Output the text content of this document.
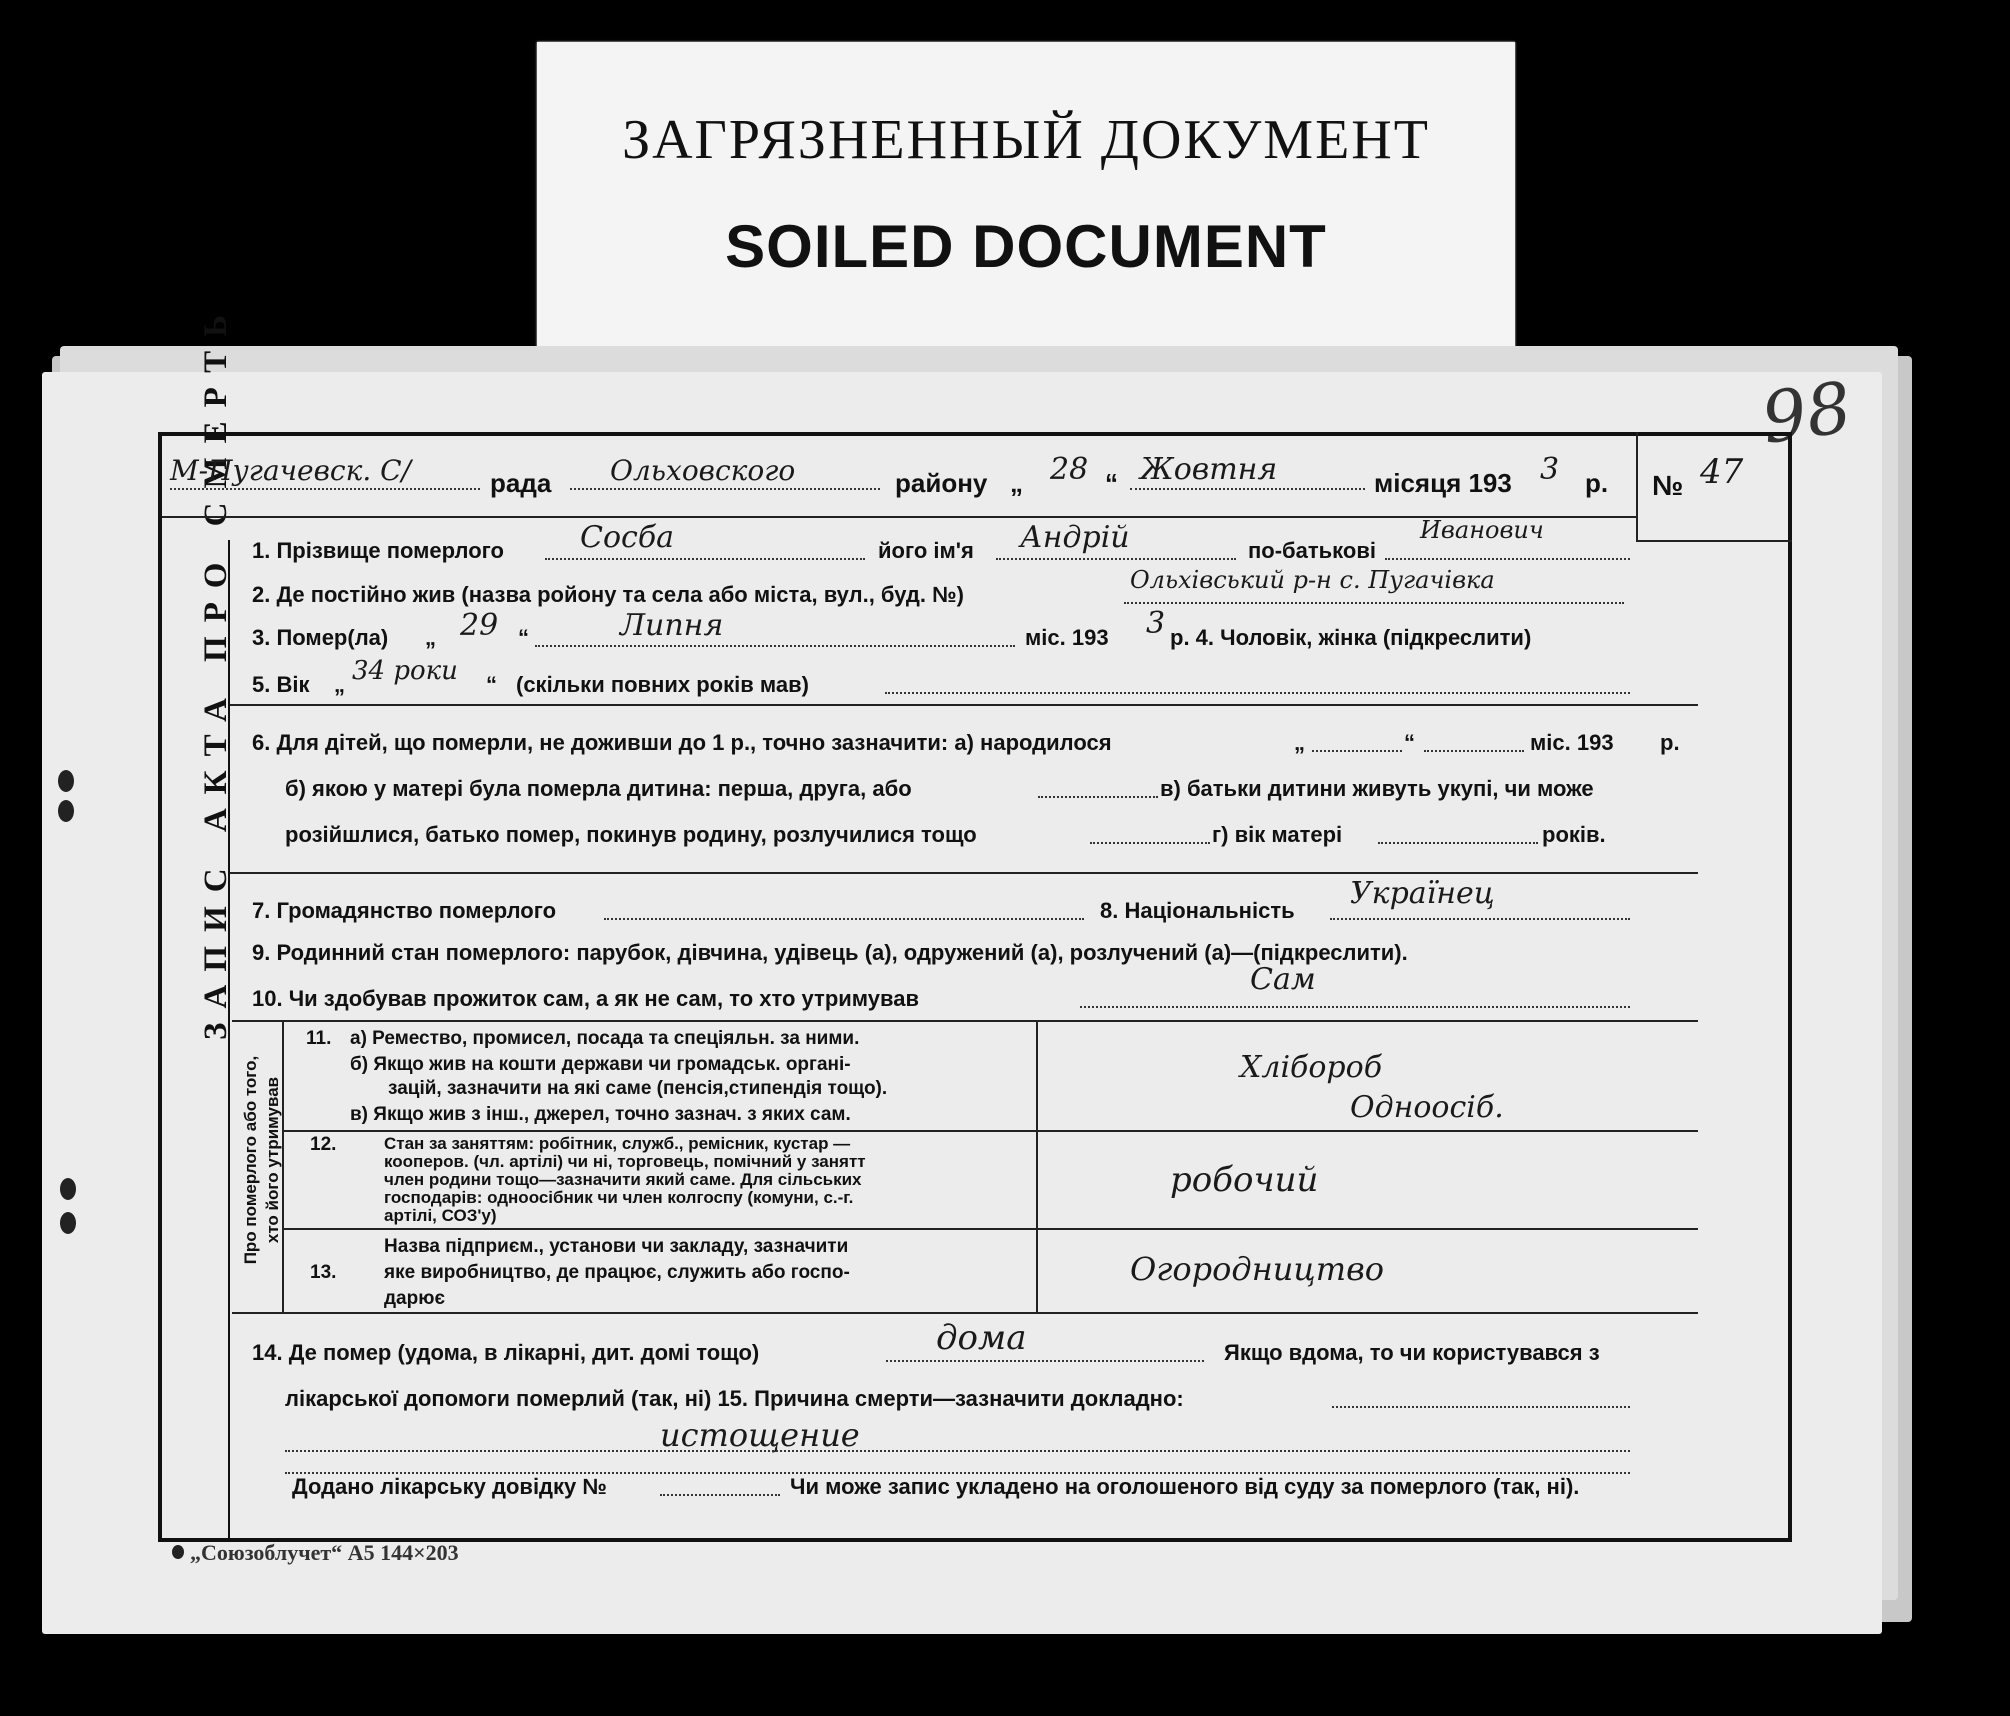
ЗАГРЯЗНЕННЫЙ ДОКУМЕНТ
SOILED DOCUMENT
98
ЗАПИС АКТА ПРО СМЕРТЬ
М-Пугачевск. С/	рада Ольховского	району „ 28 “ Жовтня	місяця 193 3 р. № 47
1. Прізвище померлого	Сосба	його ім'я Андрій	по-батькові
Иванович
2. Де постійно жив (назва ройону та села або міста, вул., буд. №)
Ольхівський р-н с. Пугачівка
3. Помер(ла) „ 29 “	Липня	міс. 193 3 р. 4. Чоловік, жінка (підкреслити)
5. Вік „ 34 роки “ (скільки повних років мав)
6. Для дітей, що померли, не доживши до 1 р., точно зазначити: а) народилося	„	“	міс. 193 р.
б) якою у матері була померла дитина: перша, друга, або	в) батьки дитини живуть укупі, чи може
розійшлися, батько помер, покинув родину, розлучилися тощо	г) вік матері	років.
7. Громадянство померлого	8. Національність Українец
9. Родинний стан померлого: парубок, дівчина, удівець (а), одружений (а), розлучений (а)—(підкреслити).
10. Чи здобував прожиток сам, а як не сам, то хто утримував
Сам
Про померлого або того, хто його утримував
11. а) Ремество, промисел, посада та спеціяльн. за ними.
б) Якщо жив на кошти держави чи громадськ. органі-
зацій, зазначити на які саме (пенсія,стипендія тощо).
в) Якщо жив з інш., джерел, точно зазнач. з яких сам.
Хлібороб
Одноосіб.
12.	Стан за заняттям: робітник, служб., ремісник, кустар —
кооперов. (чл. артілі) чи ні, торговець, помічний у занятт
член родини тощо—зазначити який саме. Для сільських
господарів: одноосібник чи член колгоспу (комуни, с.-г.
артілі, СОЗ'у)
робочий
13.
Назва підприєм., установи чи закладу, зазначити
яке виробництво, де працює, служить або госпо-
дарює
Огородництво
14. Де помер (удома, в лікарні, дит. домі тощо)	дома	Якщо вдома, то чи користувався з
лікарської допомоги померлий (так, ні) 15. Причина смерти—зазначити докладно:
истощение
Додано лікарську довідку №	Чи може запис укладено на оголошеного від суду за померлого (так, ні).
„Союзоблучет“ А5 144×203
